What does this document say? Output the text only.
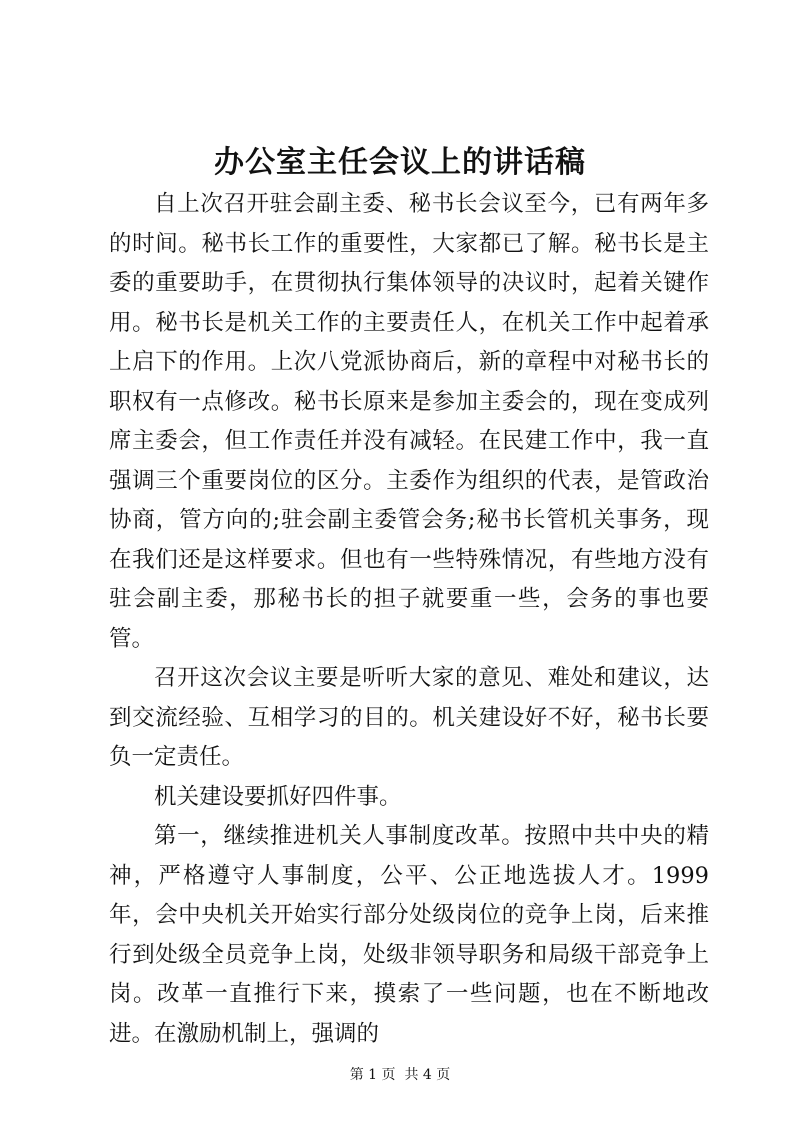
办公室主任会议上的讲话稿

自上次召开驻会副主委、秘书长会议至今，已有两年多的时间。秘书长工作的重要性，大家都已了解。秘书长是主委的重要助手，在贯彻执行集体领导的决议时，起着关键作用。秘书长是机关工作的主要责任人，在机关工作中起着承上启下的作用。上次八党派协商后，新的章程中对秘书长的职权有一点修改。秘书长原来是参加主委会的，现在变成列席主委会，但工作责任并没有减轻。在民建工作中，我一直强调三个重要岗位的区分。主委作为组织的代表，是管政治协商，管方向的;驻会副主委管会务;秘书长管机关事务，现在我们还是这样要求。但也有一些特殊情况，有些地方没有驻会副主委，那秘书长的担子就要重一些，会务的事也要管。

召开这次会议主要是听听大家的意见、难处和建议，达到交流经验、互相学习的目的。机关建设好不好，秘书长要负一定责任。

机关建设要抓好四件事。

第一，继续推进机关人事制度改革。按照中共中央的精神，严格遵守人事制度，公平、公正地选拔人才。1999 年，会中央机关开始实行部分处级岗位的竞争上岗，后来推行到处级全员竞争上岗，处级非领导职务和局级干部竞争上岗。改革一直推行下来，摸索了一些问题，也在不断地改进。在激励机制上，强调的

第 1 页  共 4 页
